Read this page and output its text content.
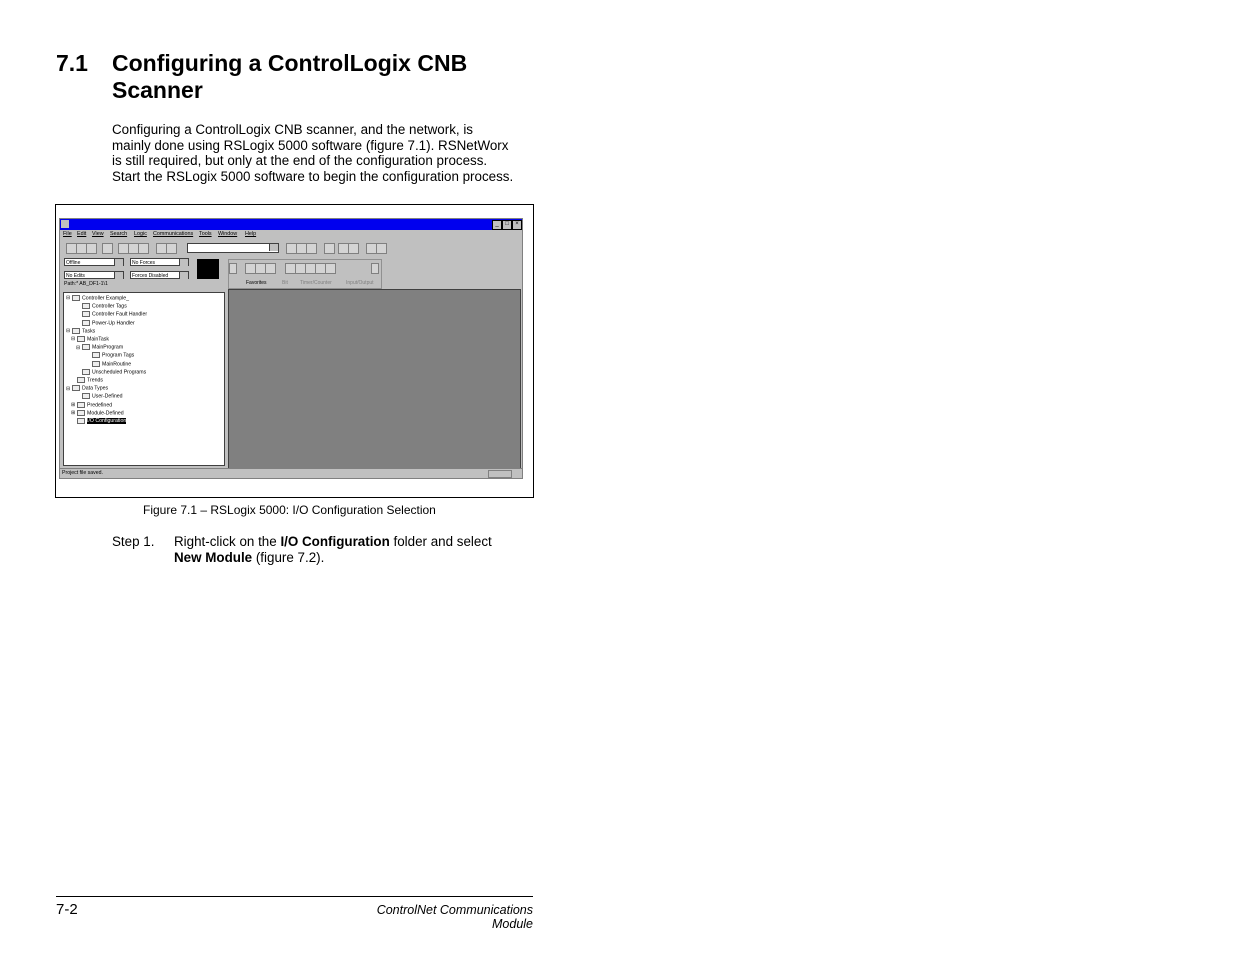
7.1 Configuring a ControlLogix CNB
Scanner
Configuring a ControlLogix CNB scanner, and the network, is
mainly done using RSLogix 5000 software (figure 7.1). RSNetWorx
is still required, but only at the end of the configuration process.
Start the RSLogix 5000 software to begin the configuration process.
_	□	×
File Edit View Search Logic Communications Tools Window Help
Offline	No Forces
No Edits	Forces Disabled
Path:* AB_DF1-1\1	Favorites	Bit Timer/Counter	Input/Output
⊟ Controller Example_
Controller Tags
Controller Fault Handler
Power-Up Handler
⊟ Tasks
⊟ MainTask
⊟ MainProgram
Program Tags
MainRoutine
Unscheduled Programs
Trends
⊟ Data Types
User-Defined
⊞ Predefined
⊞ Module-Defined
I/O Configuration
Project file saved.
Figure 7.1 – RSLogix 5000: I/O Configuration Selection
Step 1. Right-click on the I/O Configuration folder and select
New Module (figure 7.2).
7-2	ControlNet Communications Module
